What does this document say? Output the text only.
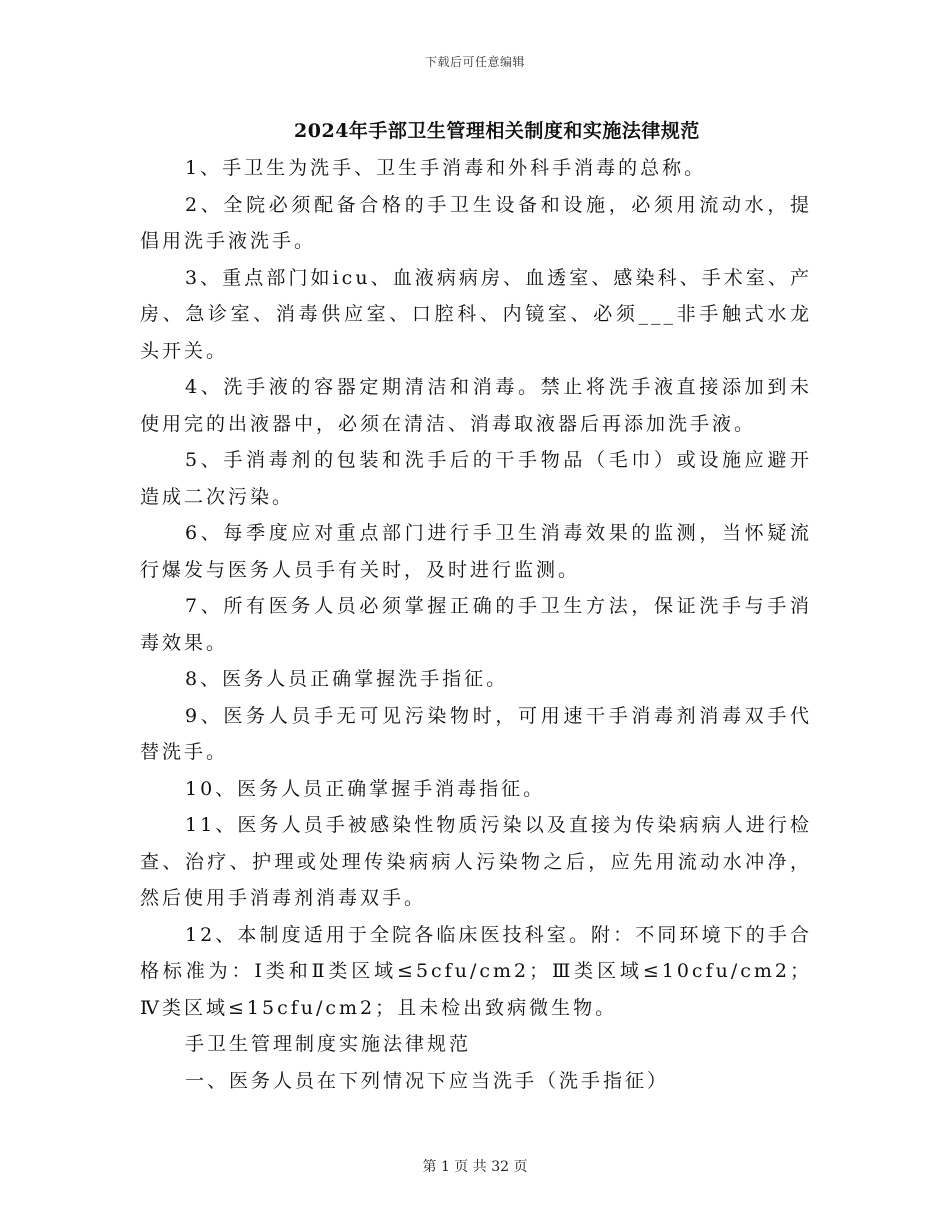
下载后可任意编辑
2024年手部卫生管理相关制度和实施法律规范

1、手卫生为洗手、卫生手消毒和外科手消毒的总称。

2、全院必须配备合格的手卫生设备和设施，必须用流动水，提倡用洗手液洗手。

3、重点部门如icu、血液病病房、血透室、感染科、手术室、产房、急诊室、消毒供应室、口腔科、内镜室、必须___非手触式水龙头开关。

4、洗手液的容器定期清洁和消毒。禁止将洗手液直接添加到未使用完的出液器中，必须在清洁、消毒取液器后再添加洗手液。

5、手消毒剂的包装和洗手后的干手物品（毛巾）或设施应避开造成二次污染。

6、每季度应对重点部门进行手卫生消毒效果的监测，当怀疑流行爆发与医务人员手有关时，及时进行监测。

7、所有医务人员必须掌握正确的手卫生方法，保证洗手与手消毒效果。

8、医务人员正确掌握洗手指征。

9、医务人员手无可见污染物时，可用速干手消毒剂消毒双手代替洗手。

10、医务人员正确掌握手消毒指征。

11、医务人员手被感染性物质污染以及直接为传染病病人进行检查、治疗、护理或处理传染病病人污染物之后，应先用流动水冲净，然后使用手消毒剂消毒双手。

12、本制度适用于全院各临床医技科室。附：不同环境下的手合格标准为：Ⅰ类和Ⅱ类区域≤5cfu/cm2；Ⅲ类区域≤10cfu/cm2；Ⅳ类区域≤15cfu/cm2；且未检出致病微生物。

手卫生管理制度实施法律规范

一、医务人员在下列情况下应当洗手（洗手指征）

第 1 页 共 32 页
